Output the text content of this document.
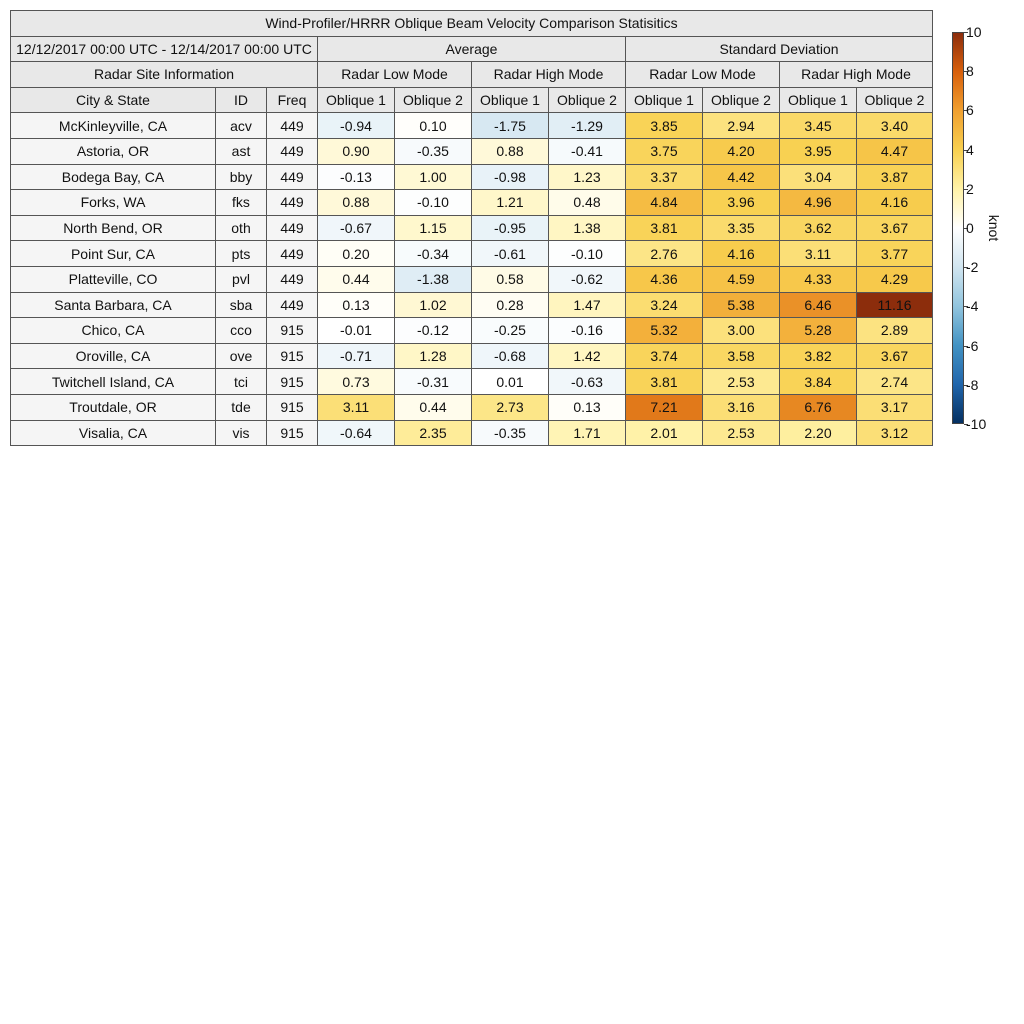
Wind-Profiler/HRRR Oblique Beam Velocity Comparison Statisitics										
12/12/2017 00:00 UTC - 12/14/2017 00:00 UTC			Average				Standard Deviation			
Radar Site Information			Radar Low Mode		Radar High Mode		Radar Low Mode		Radar High Mode	
City & State	ID	Freq	Oblique 1	Oblique 2	Oblique 1	Oblique 2	Oblique 1	Oblique 2	Oblique 1	Oblique 2
McKinleyville, CA	acv	449	-0.94	0.10	-1.75	-1.29	3.85	2.94	3.45	3.40
Astoria, OR	ast	449	0.90	-0.35	0.88	-0.41	3.75	4.20	3.95	4.47
Bodega Bay, CA	bby	449	-0.13	1.00	-0.98	1.23	3.37	4.42	3.04	3.87
Forks, WA	fks	449	0.88	-0.10	1.21	0.48	4.84	3.96	4.96	4.16
North Bend, OR	oth	449	-0.67	1.15	-0.95	1.38	3.81	3.35	3.62	3.67
Point Sur, CA	pts	449	0.20	-0.34	-0.61	-0.10	2.76	4.16	3.11	3.77
Platteville, CO	pvl	449	0.44	-1.38	0.58	-0.62	4.36	4.59	4.33	4.29
Santa Barbara, CA	sba	449	0.13	1.02	0.28	1.47	3.24	5.38	6.46	11.16
Chico, CA	cco	915	-0.01	-0.12	-0.25	-0.16	5.32	3.00	5.28	2.89
Oroville, CA	ove	915	-0.71	1.28	-0.68	1.42	3.74	3.58	3.82	3.67
Twitchell Island, CA	tci	915	0.73	-0.31	0.01	-0.63	3.81	2.53	3.84	2.74
Troutdale, OR	tde	915	3.11	0.44	2.73	0.13	7.21	3.16	6.76	3.17
Visalia, CA	vis	915	-0.64	2.35	-0.35	1.71	2.01	2.53	2.20	3.12
10
8
6
4
2
0
-2
-4
-6
-8
-10
knot
